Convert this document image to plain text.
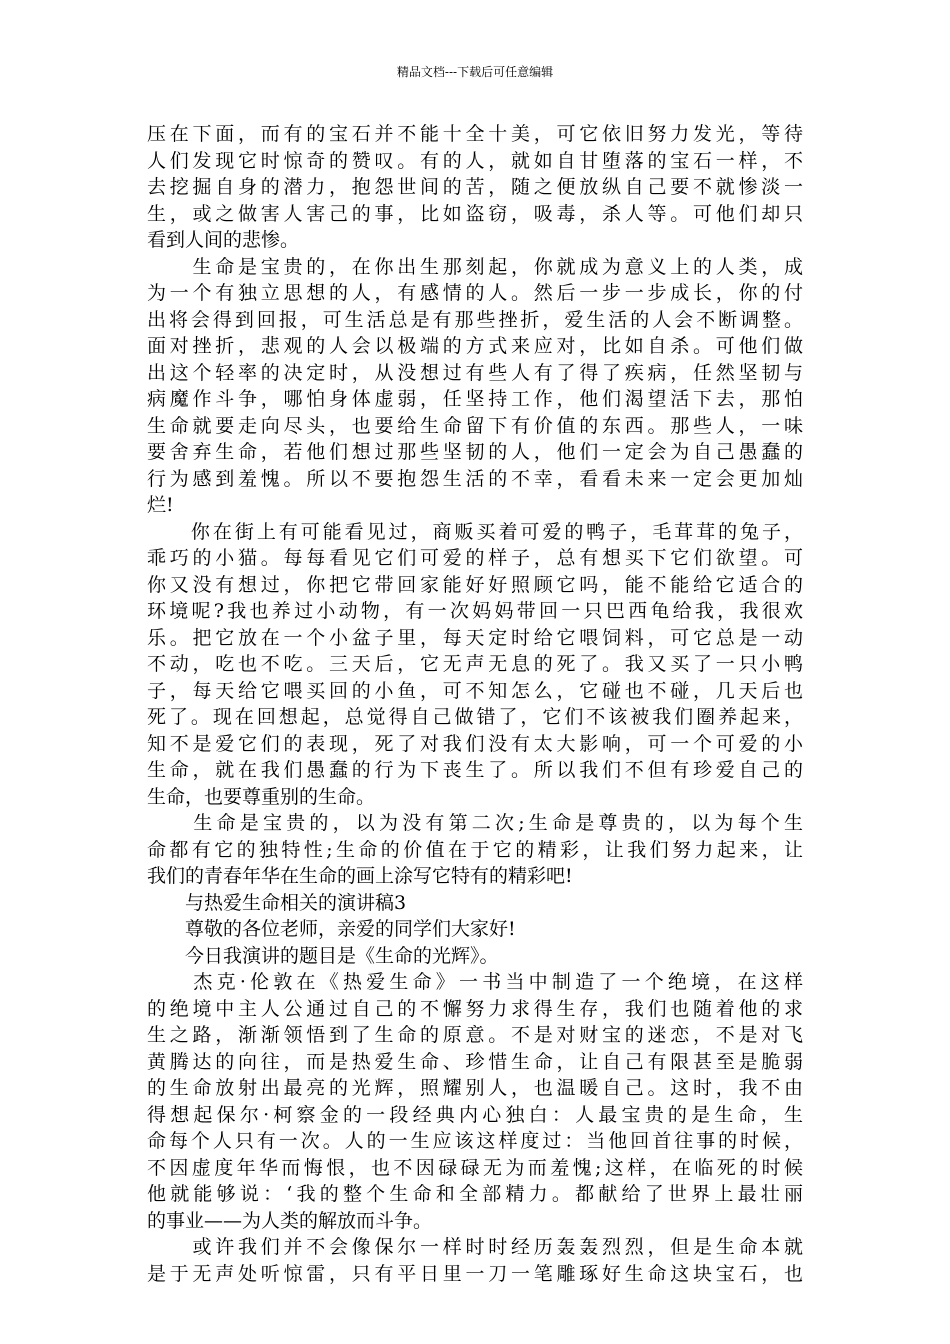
精品文档---下载后可任意编辑
压在下面，而有的宝石并不能十全十美，可它依旧努力发光，等待
人们发现它时惊奇的赞叹。有的人，就如自甘堕落的宝石一样，不
去挖掘自身的潜力，抱怨世间的苦，随之便放纵自己要不就惨淡一
生，或之做害人害己的事，比如盗窃，吸毒，杀人等。可他们却只
看到人间的悲惨。
　　生命是宝贵的，在你出生那刻起，你就成为意义上的人类，成
为一个有独立思想的人，有感情的人。然后一步一步成长，你的付
出将会得到回报，可生活总是有那些挫折，爱生活的人会不断调整。
面对挫折，悲观的人会以极端的方式来应对，比如自杀。可他们做
出这个轻率的决定时，从没想过有些人有了得了疾病，任然坚韧与
病魔作斗争，哪怕身体虚弱，任坚持工作，他们渴望活下去，那怕
生命就要走向尽头，也要给生命留下有价值的东西。那些人，一味
要舍弃生命，若他们想过那些坚韧的人，他们一定会为自己愚蠢的
行为感到羞愧。所以不要抱怨生活的不幸，看看未来一定会更加灿
烂!
　　你在街上有可能看见过，商贩买着可爱的鸭子，毛茸茸的兔子，
乖巧的小猫。每每看见它们可爱的样子，总有想买下它们欲望。可
你又没有想过，你把它带回家能好好照顾它吗，能不能给它适合的
环境呢?我也养过小动物，有一次妈妈带回一只巴西龟给我，我很欢
乐。把它放在一个小盆子里，每天定时给它喂饲料，可它总是一动
不动，吃也不吃。三天后，它无声无息的死了。我又买了一只小鸭
子，每天给它喂买回的小鱼，可不知怎么，它碰也不碰，几天后也
死了。现在回想起，总觉得自己做错了，它们不该被我们圈养起来，
知不是爱它们的表现，死了对我们没有太大影响，可一个可爱的小
生命，就在我们愚蠢的行为下丧生了。所以我们不但有珍爱自己的
生命，也要尊重别的生命。
　　生命是宝贵的，以为没有第二次;生命是尊贵的，以为每个生
命都有它的独特性;生命的价值在于它的精彩，让我们努力起来，让
我们的青春年华在生命的画上涂写它特有的精彩吧!
　　与热爱生命相关的演讲稿3
　　尊敬的各位老师，亲爱的同学们大家好!
　　今日我演讲的题目是《生命的光辉》。
　　杰克·伦敦在《热爱生命》一书当中制造了一个绝境，在这样
的绝境中主人公通过自己的不懈努力求得生存，我们也随着他的求
生之路，渐渐领悟到了生命的原意。不是对财宝的迷恋，不是对飞
黄腾达的向往，而是热爱生命、珍惜生命，让自己有限甚至是脆弱
的生命放射出最亮的光辉，照耀别人，也温暖自己。这时，我不由
得想起保尔·柯察金的一段经典内心独白：人最宝贵的是生命，生
命每个人只有一次。人的一生应该这样度过：当他回首往事的时候，
不因虚度年华而悔恨，也不因碌碌无为而羞愧;这样，在临死的时候
他就能够说：‘我的整个生命和全部精力。都献给了世界上最壮丽
的事业——为人类的解放而斗争。
　　或许我们并不会像保尔一样时时经历轰轰烈烈，但是生命本就
是于无声处听惊雷，只有平日里一刀一笔雕琢好生命这块宝石，也
